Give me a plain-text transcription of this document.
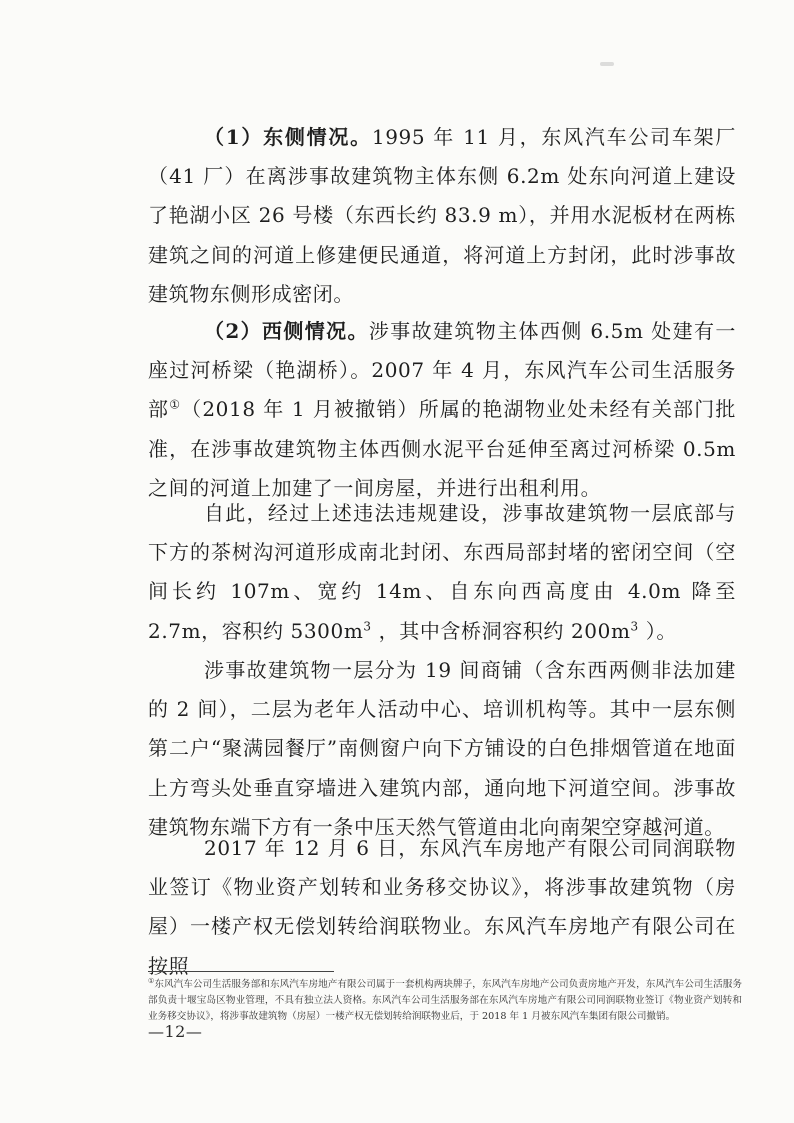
（1）东侧情况。1995 年 11 月，东风汽车公司车架厂（41 厂）在离涉事故建筑物主体东侧 6.2m 处东向河道上建设了艳湖小区 26 号楼（东西长约 83.9 m），并用水泥板材在两栋建筑之间的河道上修建便民通道，将河道上方封闭，此时涉事故建筑物东侧形成密闭。

（2）西侧情况。涉事故建筑物主体西侧 6.5m 处建有一座过河桥梁（艳湖桥）。2007 年 4 月，东风汽车公司生活服务部①（2018 年 1 月被撤销）所属的艳湖物业处未经有关部门批准，在涉事故建筑物主体西侧水泥平台延伸至离过河桥梁 0.5m 之间的河道上加建了一间房屋，并进行出租利用。

自此，经过上述违法违规建设，涉事故建筑物一层底部与下方的茶树沟河道形成南北封闭、东西局部封堵的密闭空间（空间长约 107m、宽约 14m、自东向西高度由 4.0m 降至 2.7m，容积约 $5300m^3$ ，其中含桥洞容积约 $200m^3$ ）。

涉事故建筑物一层分为 19 间商铺（含东西两侧非法加建的 2 间），二层为老年人活动中心、培训机构等。其中一层东侧第二户“聚满园餐厅”南侧窗户向下方铺设的白色排烟管道在地面上方弯头处垂直穿墙进入建筑内部，通向地下河道空间。涉事故建筑物东端下方有一条中压天然气管道由北向南架空穿越河道。

2017 年 12 月 6 日，东风汽车房地产有限公司同润联物业签订《物业资产划转和业务移交协议》，将涉事故建筑物（房屋）一楼产权无偿划转给润联物业。东风汽车房地产有限公司在按照

①东风汽车公司生活服务部和东风汽车房地产有限公司属于一套机构两块牌子，东风汽车房地产公司负责房地产开发，东风汽车公司生活服务部负责十堰宝岛区物业管理，不具有独立法人资格。东风汽车公司生活服务部在东风汽车房地产有限公司同润联物业签订《物业资产划转和业务移交协议》，将涉事故建筑物（房屋）一楼产权无偿划转给润联物业后，于 2018 年 1 月被东风汽车集团有限公司撤销。

—12—
